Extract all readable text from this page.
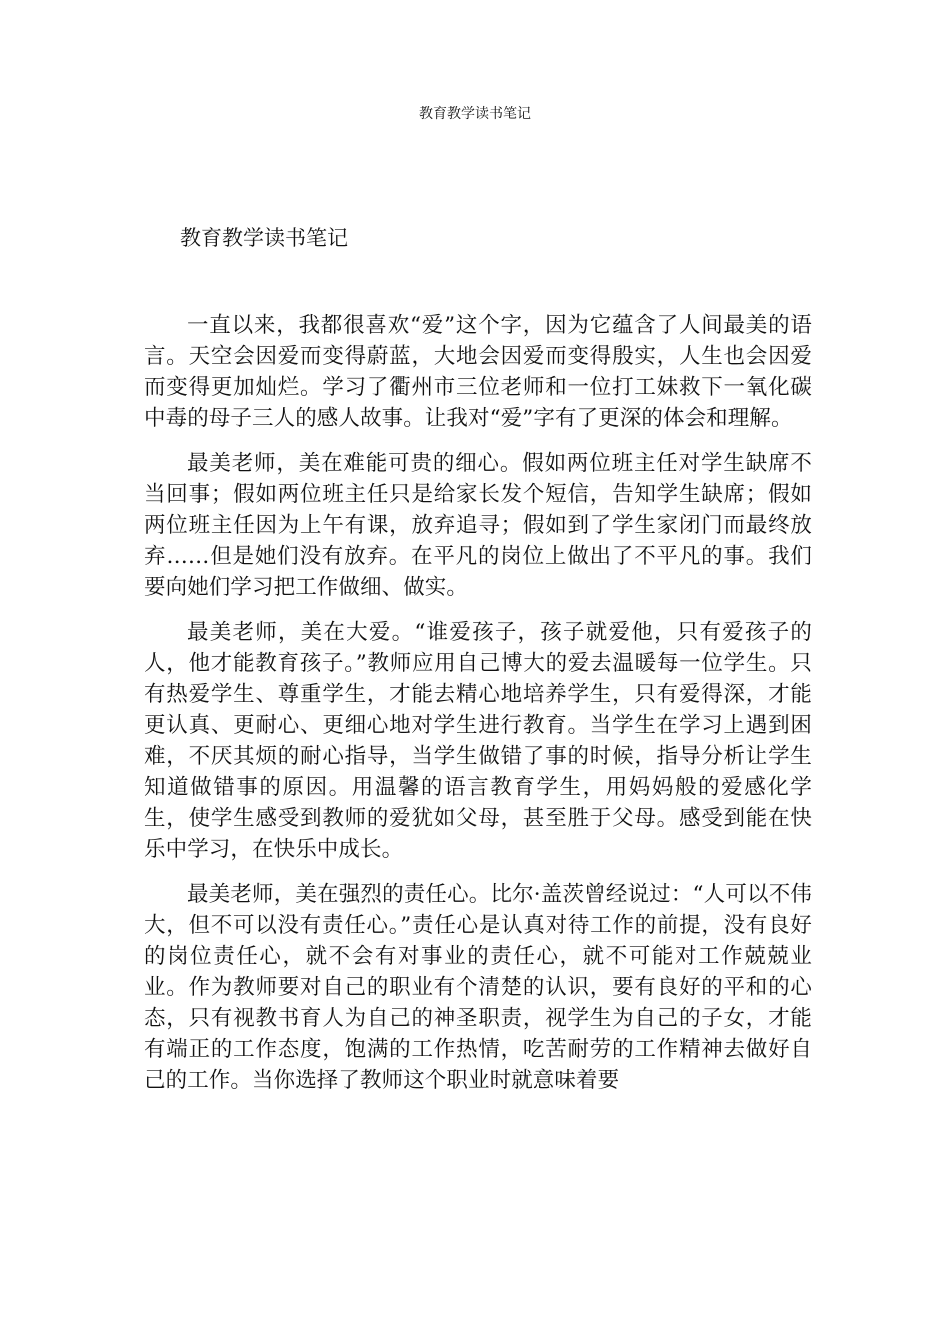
教育教学读书笔记

教育教学读书笔记

一直以来，我都很喜欢“爱”这个字，因为它蕴含了人间最美的语言。天空会因爱而变得蔚蓝，大地会因爱而变得殷实，人生也会因爱而变得更加灿烂。学习了衢州市三位老师和一位打工妹救下一氧化碳中毒的母子三人的感人故事。让我对“爱”字有了更深的体会和理解。

最美老师，美在难能可贵的细心。假如两位班主任对学生缺席不当回事；假如两位班主任只是给家长发个短信，告知学生缺席；假如两位班主任因为上午有课，放弃追寻；假如到了学生家闭门而最终放弃……但是她们没有放弃。在平凡的岗位上做出了不平凡的事。我们要向她们学习把工作做细、做实。

最美老师，美在大爱。“谁爱孩子，孩子就爱他，只有爱孩子的人，他才能教育孩子。”教师应用自己博大的爱去温暖每一位学生。只有热爱学生、尊重学生，才能去精心地培养学生，只有爱得深，才能更认真、更耐心、更细心地对学生进行教育。当学生在学习上遇到困难，不厌其烦的耐心指导，当学生做错了事的时候，指导分析让学生知道做错事的原因。用温馨的语言教育学生，用妈妈般的爱感化学生，使学生感受到教师的爱犹如父母，甚至胜于父母。感受到能在快乐中学习，在快乐中成长。

最美老师，美在强烈的责任心。比尔·盖茨曾经说过：“人可以不伟大，但不可以没有责任心。”责任心是认真对待工作的前提，没有良好的岗位责任心，就不会有对事业的责任心，就不可能对工作兢兢业业。作为教师要对自己的职业有个清楚的认识，要有良好的平和的心态，只有视教书育人为自己的神圣职责，视学生为自己的子女，才能有端正的工作态度，饱满的工作热情，吃苦耐劳的工作精神去做好自己的工作。当你选择了教师这个职业时就意味着要
